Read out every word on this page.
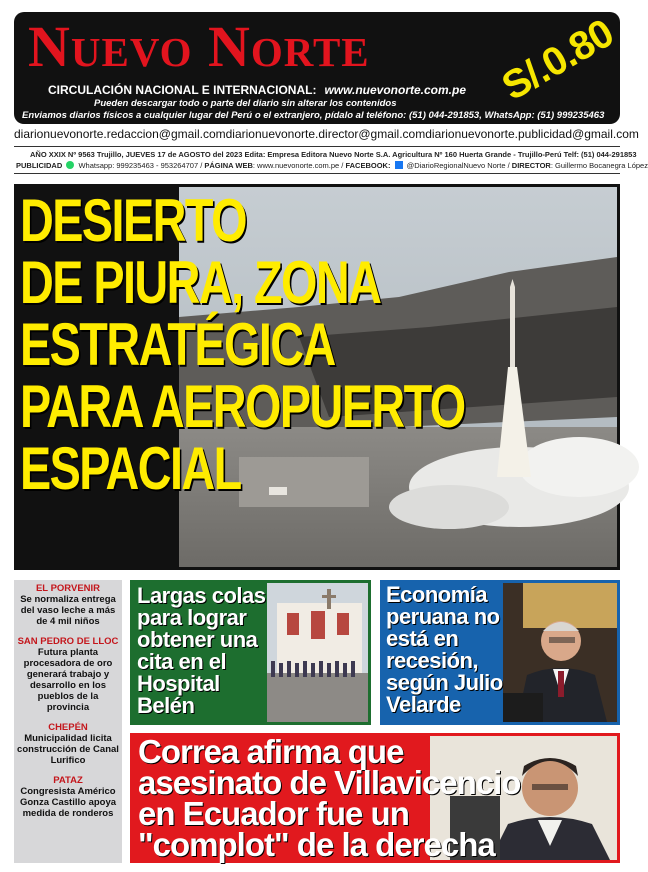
Nuevo Norte
CIRCULACIÓN NACIONAL E INTERNACIONAL: www.nuevonorte.com.pe
Pueden descargar todo o parte del diario sin alterar los contenidos
Enviamos diarios físicos a cualquier lugar del Perú o el extranjero, pídalo al teléfono: (51) 044-291853, WhatsApp: (51) 999235463
S/.0.80
diarionuevonorte.redaccion@gmail.com diarionuevonorte.director@gmail.com diarionuevonorte.publicidad@gmail.com
AÑO XXIX Nº 9563 Trujillo, JUEVES 17 de AGOSTO del 2023 Edita: Empresa Editora Nuevo Norte S.A. Agricultura Nº 160 Huerta Grande - Trujillo-Perú Telf: (51) 044-291853
PUBLICIDAD Whatsapp: 999235463 - 953264707 / PÁGINA WEB: www.nuevonorte.com.pe / FACEBOOK: @DiarioRegionalNuevo Norte / DIRECTOR: Guillermo Bocanegra López
DESIERTO
DE PIURA, ZONA
ESTRATÉGICA
PARA AEROPUERTO
ESPACIAL
EL PORVENIR
Se normaliza entrega del vaso leche a más de 4 mil niños
SAN PEDRO DE LLOC
Futura planta procesadora de oro generará trabajo y desarrollo en los pueblos de la provincia
CHEPÉN
Municipalidad licita construcción de Canal Lurifico
PATAZ
Congresista Américo Gonza Castillo apoya medida de ronderos
Largas colas para lograr obtener una cita en el Hospital Belén
Economía peruana no está en recesión, según Julio Velarde
Correa afirma que
asesinato de Villavicencio
en Ecuador fue un
"complot" de la derecha
